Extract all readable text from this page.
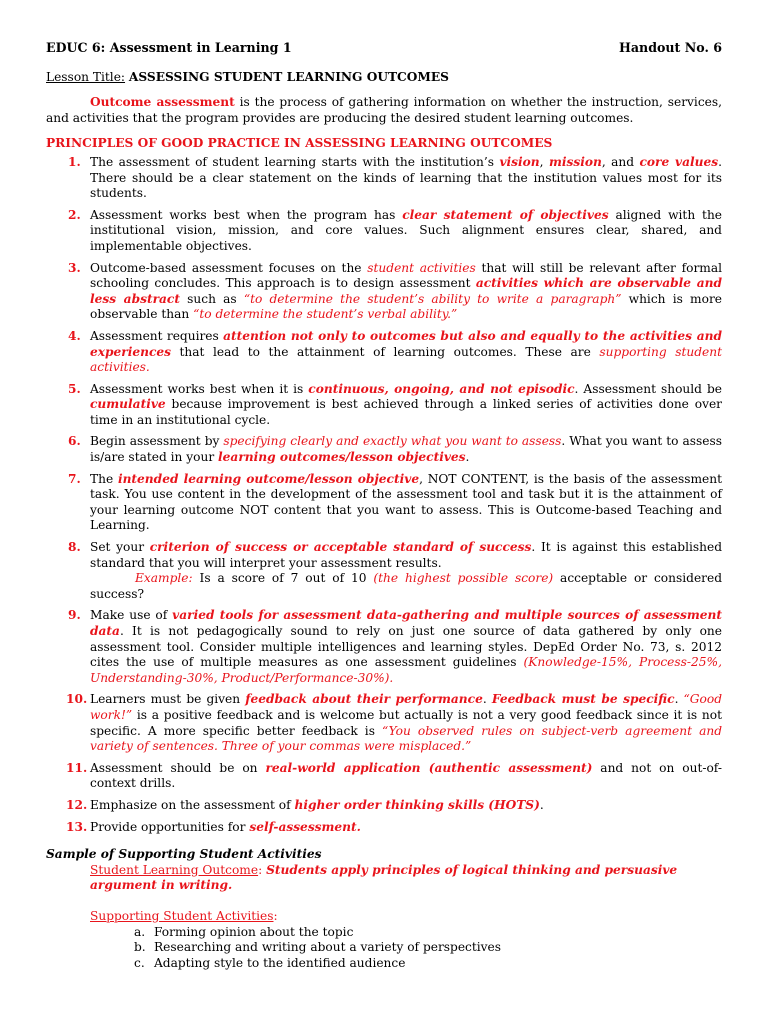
EDUC 6: Assessment in Learning 1	Handout No. 6
Lesson Title: ASSESSING STUDENT LEARNING OUTCOMES
Outcome assessment is the process of gathering information on whether the instruction, services, and activities that the program provides are producing the desired student learning outcomes.
PRINCIPLES OF GOOD PRACTICE IN ASSESSING LEARNING OUTCOMES
1. The assessment of student learning starts with the institution’s vision, mission, and core values. There should be a clear statement on the kinds of learning that the institution values most for its students.
2. Assessment works best when the program has clear statement of objectives aligned with the institutional vision, mission, and core values. Such alignment ensures clear, shared, and implementable objectives.
3. Outcome-based assessment focuses on the student activities that will still be relevant after formal schooling concludes. This approach is to design assessment activities which are observable and less abstract such as “to determine the student’s ability to write a paragraph” which is more observable than “to determine the student’s verbal ability.”
4. Assessment requires attention not only to outcomes but also and equally to the activities and experiences that lead to the attainment of learning outcomes. These are supporting student activities.
5. Assessment works best when it is continuous, ongoing, and not episodic. Assessment should be cumulative because improvement is best achieved through a linked series of activities done over time in an institutional cycle.
6. Begin assessment by specifying clearly and exactly what you want to assess. What you want to assess is/are stated in your learning outcomes/lesson objectives.
7. The intended learning outcome/lesson objective, NOT CONTENT, is the basis of the assessment task. You use content in the development of the assessment tool and task but it is the attainment of your learning outcome NOT content that you want to assess. This is Outcome-based Teaching and Learning.
8. Set your criterion of success or acceptable standard of success. It is against this established standard that you will interpret your assessment results.
Example: Is a score of 7 out of 10 (the highest possible score) acceptable or considered success?
9. Make use of varied tools for assessment data-gathering and multiple sources of assessment data. It is not pedagogically sound to rely on just one source of data gathered by only one assessment tool. Consider multiple intelligences and learning styles. DepEd Order No. 73, s. 2012 cites the use of multiple measures as one assessment guidelines (Knowledge-15%, Process-25%, Understanding-30%, Product/Performance-30%).
10. Learners must be given feedback about their performance. Feedback must be specific. “Good work!” is a positive feedback and is welcome but actually is not a very good feedback since it is not specific. A more specific better feedback is “You observed rules on subject-verb agreement and variety of sentences. Three of your commas were misplaced.”
11. Assessment should be on real-world application (authentic assessment) and not on out-of-context drills.
12. Emphasize on the assessment of higher order thinking skills (HOTS).
13. Provide opportunities for self-assessment.
Sample of Supporting Student Activities
Student Learning Outcome: Students apply principles of logical thinking and persuasive argument in writing.
Supporting Student Activities:
a. Forming opinion about the topic
b. Researching and writing about a variety of perspectives
c. Adapting style to the identified audience
